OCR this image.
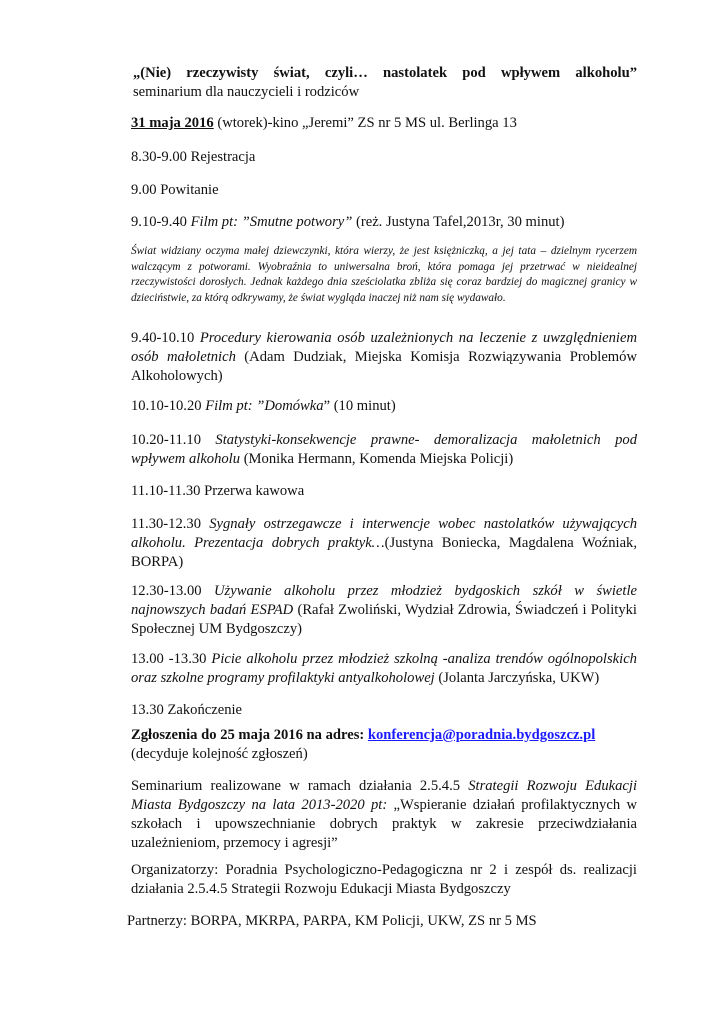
„(Nie) rzeczywisty świat, czyli… nastolatek pod wpływem alkoholu”
seminarium dla nauczycieli i rodziców
31 maja 2016 (wtorek)-kino „Jeremi” ZS nr 5 MS ul. Berlinga 13
8.30-9.00 Rejestracja
9.00 Powitanie
9.10-9.40 Film pt: ”Smutne potwory” (reż. Justyna Tafel,2013r, 30 minut)
Świat widziany oczyma małej dziewczynki, która wierzy, że jest księżniczką, a jej tata – dzielnym rycerzem walczącym z potworami. Wyobraźnia to uniwersalna broń, która pomaga jej przetrwać w nieidealnej rzeczywistości dorosłych. Jednak każdego dnia sześciolatka zbliża się coraz bardziej do magicznej granicy w dzieciństwie, za którą odkrywamy, że świat wygląda inaczej niż nam się wydawało.
9.40-10.10 Procedury kierowania osób uzależnionych na leczenie z uwzględnieniem osób małoletnich (Adam Dudziak, Miejska Komisja Rozwiązywania Problemów Alkoholowych)
10.10-10.20 Film pt: ”Domówka” (10 minut)
10.20-11.10 Statystyki-konsekwencje prawne- demoralizacja małoletnich pod wpływem alkoholu (Monika Hermann, Komenda Miejska Policji)
11.10-11.30 Przerwa kawowa
11.30-12.30 Sygnały ostrzegawcze i interwencje wobec nastolatków używających alkoholu. Prezentacja dobrych praktyk…(Justyna Boniecka, Magdalena Woźniak, BORPA)
12.30-13.00 Używanie alkoholu przez młodzież bydgoskich szkół w świetle najnowszych badań ESPAD (Rafał Zwoliński, Wydział Zdrowia, Świadczeń i Polityki Społecznej UM Bydgoszczy)
13.00 -13.30 Picie alkoholu przez młodzież szkolną -analiza trendów ogólnopolskich oraz szkolne programy profilaktyki antyalkoholowej (Jolanta Jarczyńska, UKW)
13.30 Zakończenie
Zgłoszenia do 25 maja 2016 na adres: konferencja@poradnia.bydgoszcz.pl
(decyduje kolejność zgłoszeń)
Seminarium realizowane w ramach działania 2.5.4.5 Strategii Rozwoju Edukacji Miasta Bydgoszczy na lata 2013-2020 pt: „Wspieranie działań profilaktycznych w szkołach i upowszechnianie dobrych praktyk w zakresie przeciwdziałania uzależnieniom, przemocy i agresji”
Organizatorzy: Poradnia Psychologiczno-Pedagogiczna nr 2 i zespół ds. realizacji działania 2.5.4.5 Strategii Rozwoju Edukacji Miasta Bydgoszczy
Partnerzy: BORPA, MKRPA, PARPA, KM Policji, UKW, ZS nr 5 MS
